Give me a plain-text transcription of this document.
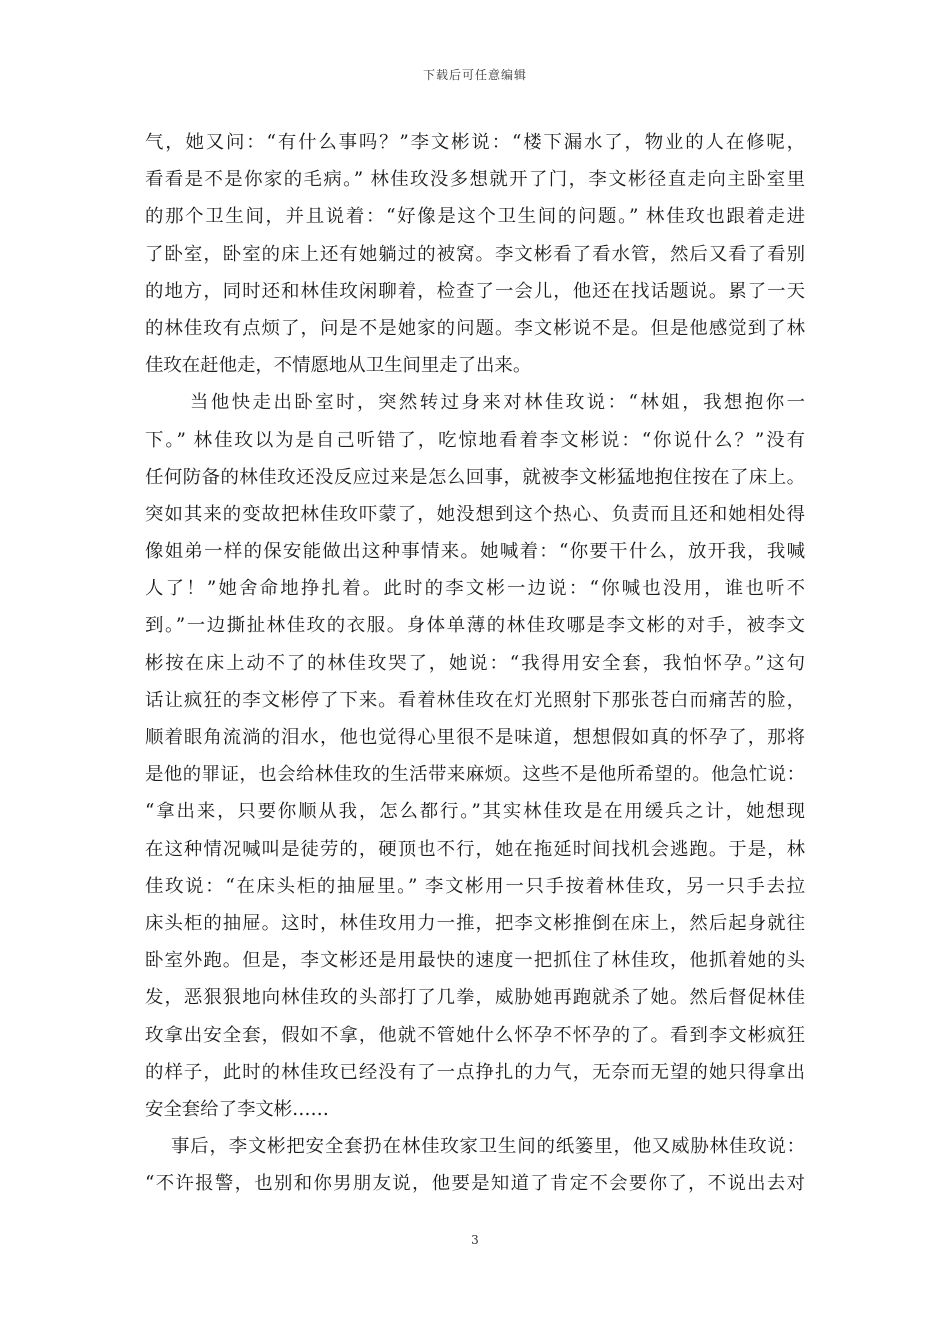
下载后可任意编辑
气，她又问：“有什么事吗？”李文彬说：“楼下漏水了，物业的人在修呢，
看看是不是你家的毛病。” 林佳玫没多想就开了门，李文彬径直走向主卧室里
的那个卫生间，并且说着：“好像是这个卫生间的问题。” 林佳玫也跟着走进
了卧室，卧室的床上还有她躺过的被窝。李文彬看了看水管，然后又看了看别
的地方，同时还和林佳玫闲聊着，检查了一会儿，他还在找话题说。累了一天
的林佳玫有点烦了，问是不是她家的问题。李文彬说不是。但是他感觉到了林
佳玫在赶他走，不情愿地从卫生间里走了出来。
当他快走出卧室时，突然转过身来对林佳玫说：“林姐，我想抱你一
下。” 林佳玫以为是自己听错了，吃惊地看着李文彬说：“你说什么？”没有
任何防备的林佳玫还没反应过来是怎么回事，就被李文彬猛地抱住按在了床上。
突如其来的变故把林佳玫吓蒙了，她没想到这个热心、负责而且还和她相处得
像姐弟一样的保安能做出这种事情来。她喊着：“你要干什么，放开我，我喊
人了！”她舍命地挣扎着。此时的李文彬一边说：“你喊也没用，谁也听不
到。”一边撕扯林佳玫的衣服。身体单薄的林佳玫哪是李文彬的对手，被李文
彬按在床上动不了的林佳玫哭了，她说：“我得用安全套，我怕怀孕。”这句
话让疯狂的李文彬停了下来。看着林佳玫在灯光照射下那张苍白而痛苦的脸，
顺着眼角流淌的泪水，他也觉得心里很不是味道，想想假如真的怀孕了，那将
是他的罪证，也会给林佳玫的生活带来麻烦。这些不是他所希望的。他急忙说：
“拿出来，只要你顺从我，怎么都行。”其实林佳玫是在用缓兵之计，她想现
在这种情况喊叫是徒劳的，硬顶也不行，她在拖延时间找机会逃跑。于是，林
佳玫说：“在床头柜的抽屉里。” 李文彬用一只手按着林佳玫，另一只手去拉
床头柜的抽屉。这时，林佳玫用力一推，把李文彬推倒在床上，然后起身就往
卧室外跑。但是，李文彬还是用最快的速度一把抓住了林佳玫，他抓着她的头
发，恶狠狠地向林佳玫的头部打了几拳，威胁她再跑就杀了她。然后督促林佳
玫拿出安全套，假如不拿，他就不管她什么怀孕不怀孕的了。看到李文彬疯狂
的样子，此时的林佳玫已经没有了一点挣扎的力气，无奈而无望的她只得拿出
安全套给了李文彬……
事后，李文彬把安全套扔在林佳玫家卫生间的纸篓里，他又威胁林佳玫说：
“不许报警，也别和你男朋友说，他要是知道了肯定不会要你了，不说出去对
3
